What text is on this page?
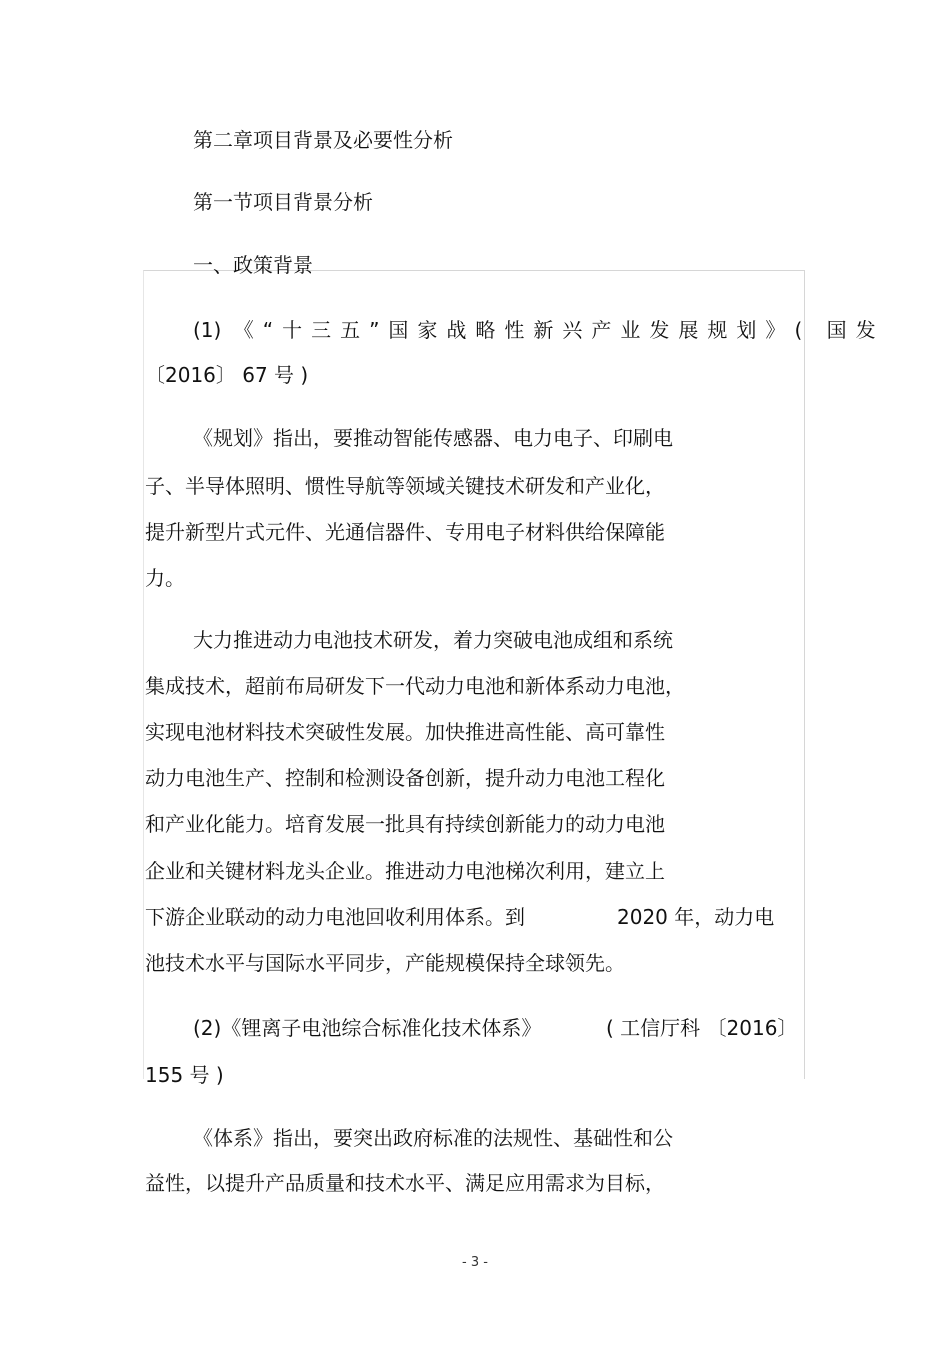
第二章项目背景及必要性分析
第一节项目背景分析
一、政策背景
(1) 《“十三五”国家战略性新兴产业发展规划》( 国发
〔2016〕 67 号 )
《规划》指出，要推动智能传感器、电力电子、印刷电
子、半导体照明、惯性导航等领域关键技术研发和产业化，
提升新型片式元件、光通信器件、专用电子材料供给保障能
力。
大力推进动力电池技术研发，着力突破电池成组和系统
集成技术，超前布局研发下一代动力电池和新体系动力电池，
实现电池材料技术突破性发展。加快推进高性能、高可靠性
动力电池生产、控制和检测设备创新，提升动力电池工程化
和产业化能力。培育发展一批具有持续创新能力的动力电池
企业和关键材料龙头企业。推进动力电池梯次利用，建立上
下游企业联动的动力电池回收利用体系。到	2020 年，动力电
池技术水平与国际水平同步，产能规模保持全球领先。
(2)《锂离子电池综合标准化技术体系》	( 工信厅科 〔2016〕
155 号 )
《体系》指出，要突出政府标准的法规性、基础性和公
益性，以提升产品质量和技术水平、满足应用需求为目标，
- 3 -
